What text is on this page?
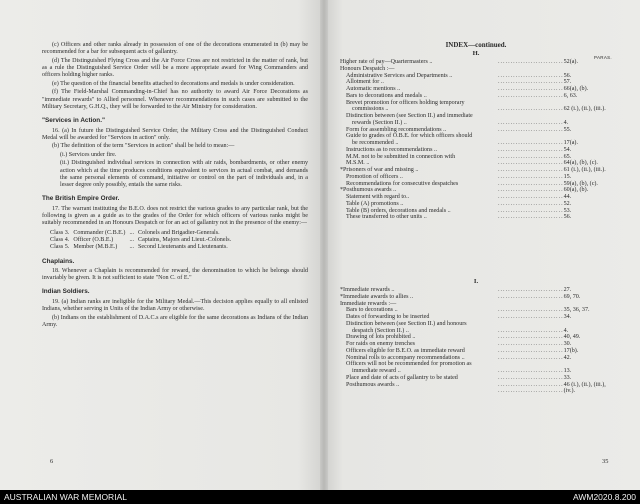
(c) Officers and other ranks already in possession of one of the decorations enumerated in (b) may be recommended for a bar for subsequent acts of gallantry.

(d) The Distinguished Flying Cross and the Air Force Cross are not restricted in the matter of rank, but as a rule the Distinguished Service Order will be a more appropriate award for Wing Commanders and officers holding higher ranks.

(e) The question of the financial benefits attached to decorations and medals is under consideration.

(f) The Field-Marshal Commanding-in-Chief has no authority to award Air Force Decorations as "immediate rewards" to Allied personnel. Whenever recommendations in such cases are submitted to the Military Secretary, G.H.Q., they will be forwarded to the Air Ministry for consideration.

"Services in Action."

16. (a) In future the Distinguished Service Order, the Military Cross and the Distinguished Conduct Medal will be awarded for "Services in action" only.

(b) The definition of the term "Services in action" shall be held to mean:—

(i.) Services under fire.

(ii.) Distinguished individual services in connection with air raids, bombardments, or other enemy action which at the time produces conditions equivalent to services in actual combat, and demands the same personal elements of command, initiative or control on the part of individuals and, in a lesser degree only possibly, entails the same risks.

The British Empire Order.

17. The warrant instituting the B.E.O. does not restrict the various grades to any particular rank, but the following is given as a guide as to the grades of the Order for which officers of various ranks might be suitably recommended in an Honours Despatch or for an act of gallantry not in the presence of the enemy:—

Class 3.	Commander (C.B.E.)	...	Colonels and Brigadier-Generals.
Class 4.	Officer (O.B.E.)	...	Captains, Majors and Lieut.-Colonels.
Class 5.	Member (M.B.E.)	...	Second Lieutenants and Lieutenants.

Chaplains.

18. Whenever a Chaplain is recommended for reward, the denomination to which he belongs should invariably be given. It is not sufficient to state "Non C. of E."

Indian Soldiers.

19. (a) Indian ranks are ineligible for the Military Medal.—This decision applies equally to all enlisted Indians, whether serving in Units of the Indian Army or otherwise.

(b) Indians on the establishment of D.A.C.s are eligible for the same decorations as Indians of the Indian Army.

6
INDEX—continued.
H.
PARAS.
Higher rate of pay—Quartermasters ..	.......................... 52(a).
Honours Despatch :—
Administrative Services and Departments ..	.......................... 56.
Allotment for ..	.......................... 57.
Automatic mentions ..	.......................... 66(a), (b).
Bars to decorations and medals ..	.......................... 6, 63.
Brevet promotion for officers holding temporary
commissions ..	.......................... 62 (i.), (ii.), (iii.).
Distinction between (see Section II.) and immediate
rewards (Section II.) ..	.......................... 4.
Form for assembling recommendations ..	.......................... 55.
Guide to grades of O.B.E. for which officers should
be recommended ..	.......................... 17(a).
Instructions as to recommendations ..	.......................... 54.
M.M. not to be submitted in connection with	.......................... 65.
M.S.M. ..	.......................... 64(a), (b), (c).
*Prisoners of war and missing ..	.......................... 61 (i.), (ii.), (iii.).
Promotion of officers ..	.......................... 15.
Recommendations for consecutive despatches	.......................... 59(a), (b), (c).
*Posthumous awards ..	.......................... 60(a), (b).
Statement with regard to..	.......................... 44.
Table (A) promotions ..	.......................... 52.
Table (B) orders, decorations and medals ..	.......................... 53.
These transferred to other units ..	.......................... 56.
I.
*Immediate rewards ..	.......................... 27.
*Immediate awards to allies ..	.......................... 69, 70.
Immediate rewards :—
Bars to decorations ..	.......................... 35, 36, 37.
Dates of forwarding to be inserted	.......................... 34.
Distinction between (see Section II.) and honours
despatch (Section II.) ..	.......................... 4.
Drawing of lots prohibited ..	.......................... 40, 49.
For raids on enemy trenches	.......................... 30.
Officers eligible for B.E.O. as immediate reward	.......................... 17(b).
Nominal rolls to accompany recommendations ..	.......................... 42.
Officers will not be recommended for promotion as
immediate reward ..	.......................... 13.
Place and date of acts of gallantry to be stated	.......................... 33.
Posthumous awards ..	.......................... 46 (i.), (ii.), (iii.),
.......................... (iv.).
35
AUSTRALIAN WAR MEMORIAL	AWM2020.8.200
